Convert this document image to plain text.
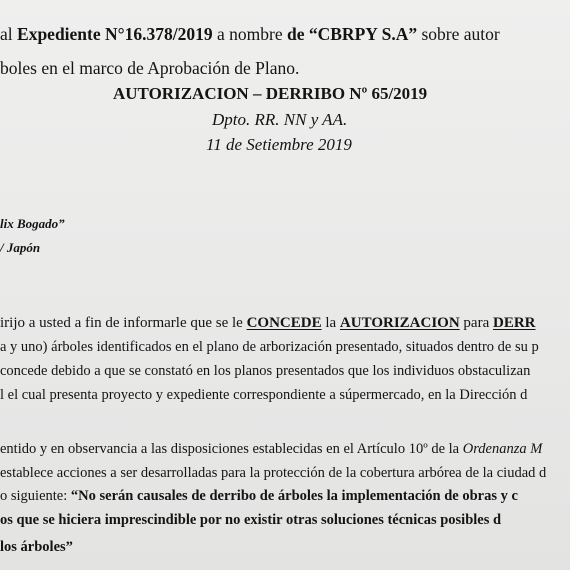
al Expediente N°16.378/2019 a nombre de “CBRPY S.A” sobre autor
boles en el marco de Aprobación de Plano.
AUTORIZACION – DERRIBO Nº 65/2019
Dpto. RR. NN y AA.
11 de Setiembre 2019
lix Bogado”
/ Japón
irijo a usted a fin de informarle que se le CONCEDE la AUTORIZACION para DERR
a y uno) árboles identificados en el plano de arborización presentado, situados dentro de su p
concede debido a que se constató en los planos presentados que los individuos obstaculizan
l el cual presenta proyecto y expediente correspondiente a súpermercado, en la Dirección d
entido y en observancia a las disposiciones establecidas en el Artículo 10º de la Ordenanza M
establece acciones a ser desarrolladas para la protección de la cobertura arbórea de la ciudad d
o siguiente: “No serán causales de derribo de árboles la implementación de obras y c
os que se hiciera imprescindible por no existir otras soluciones técnicas posibles d
los árboles”
